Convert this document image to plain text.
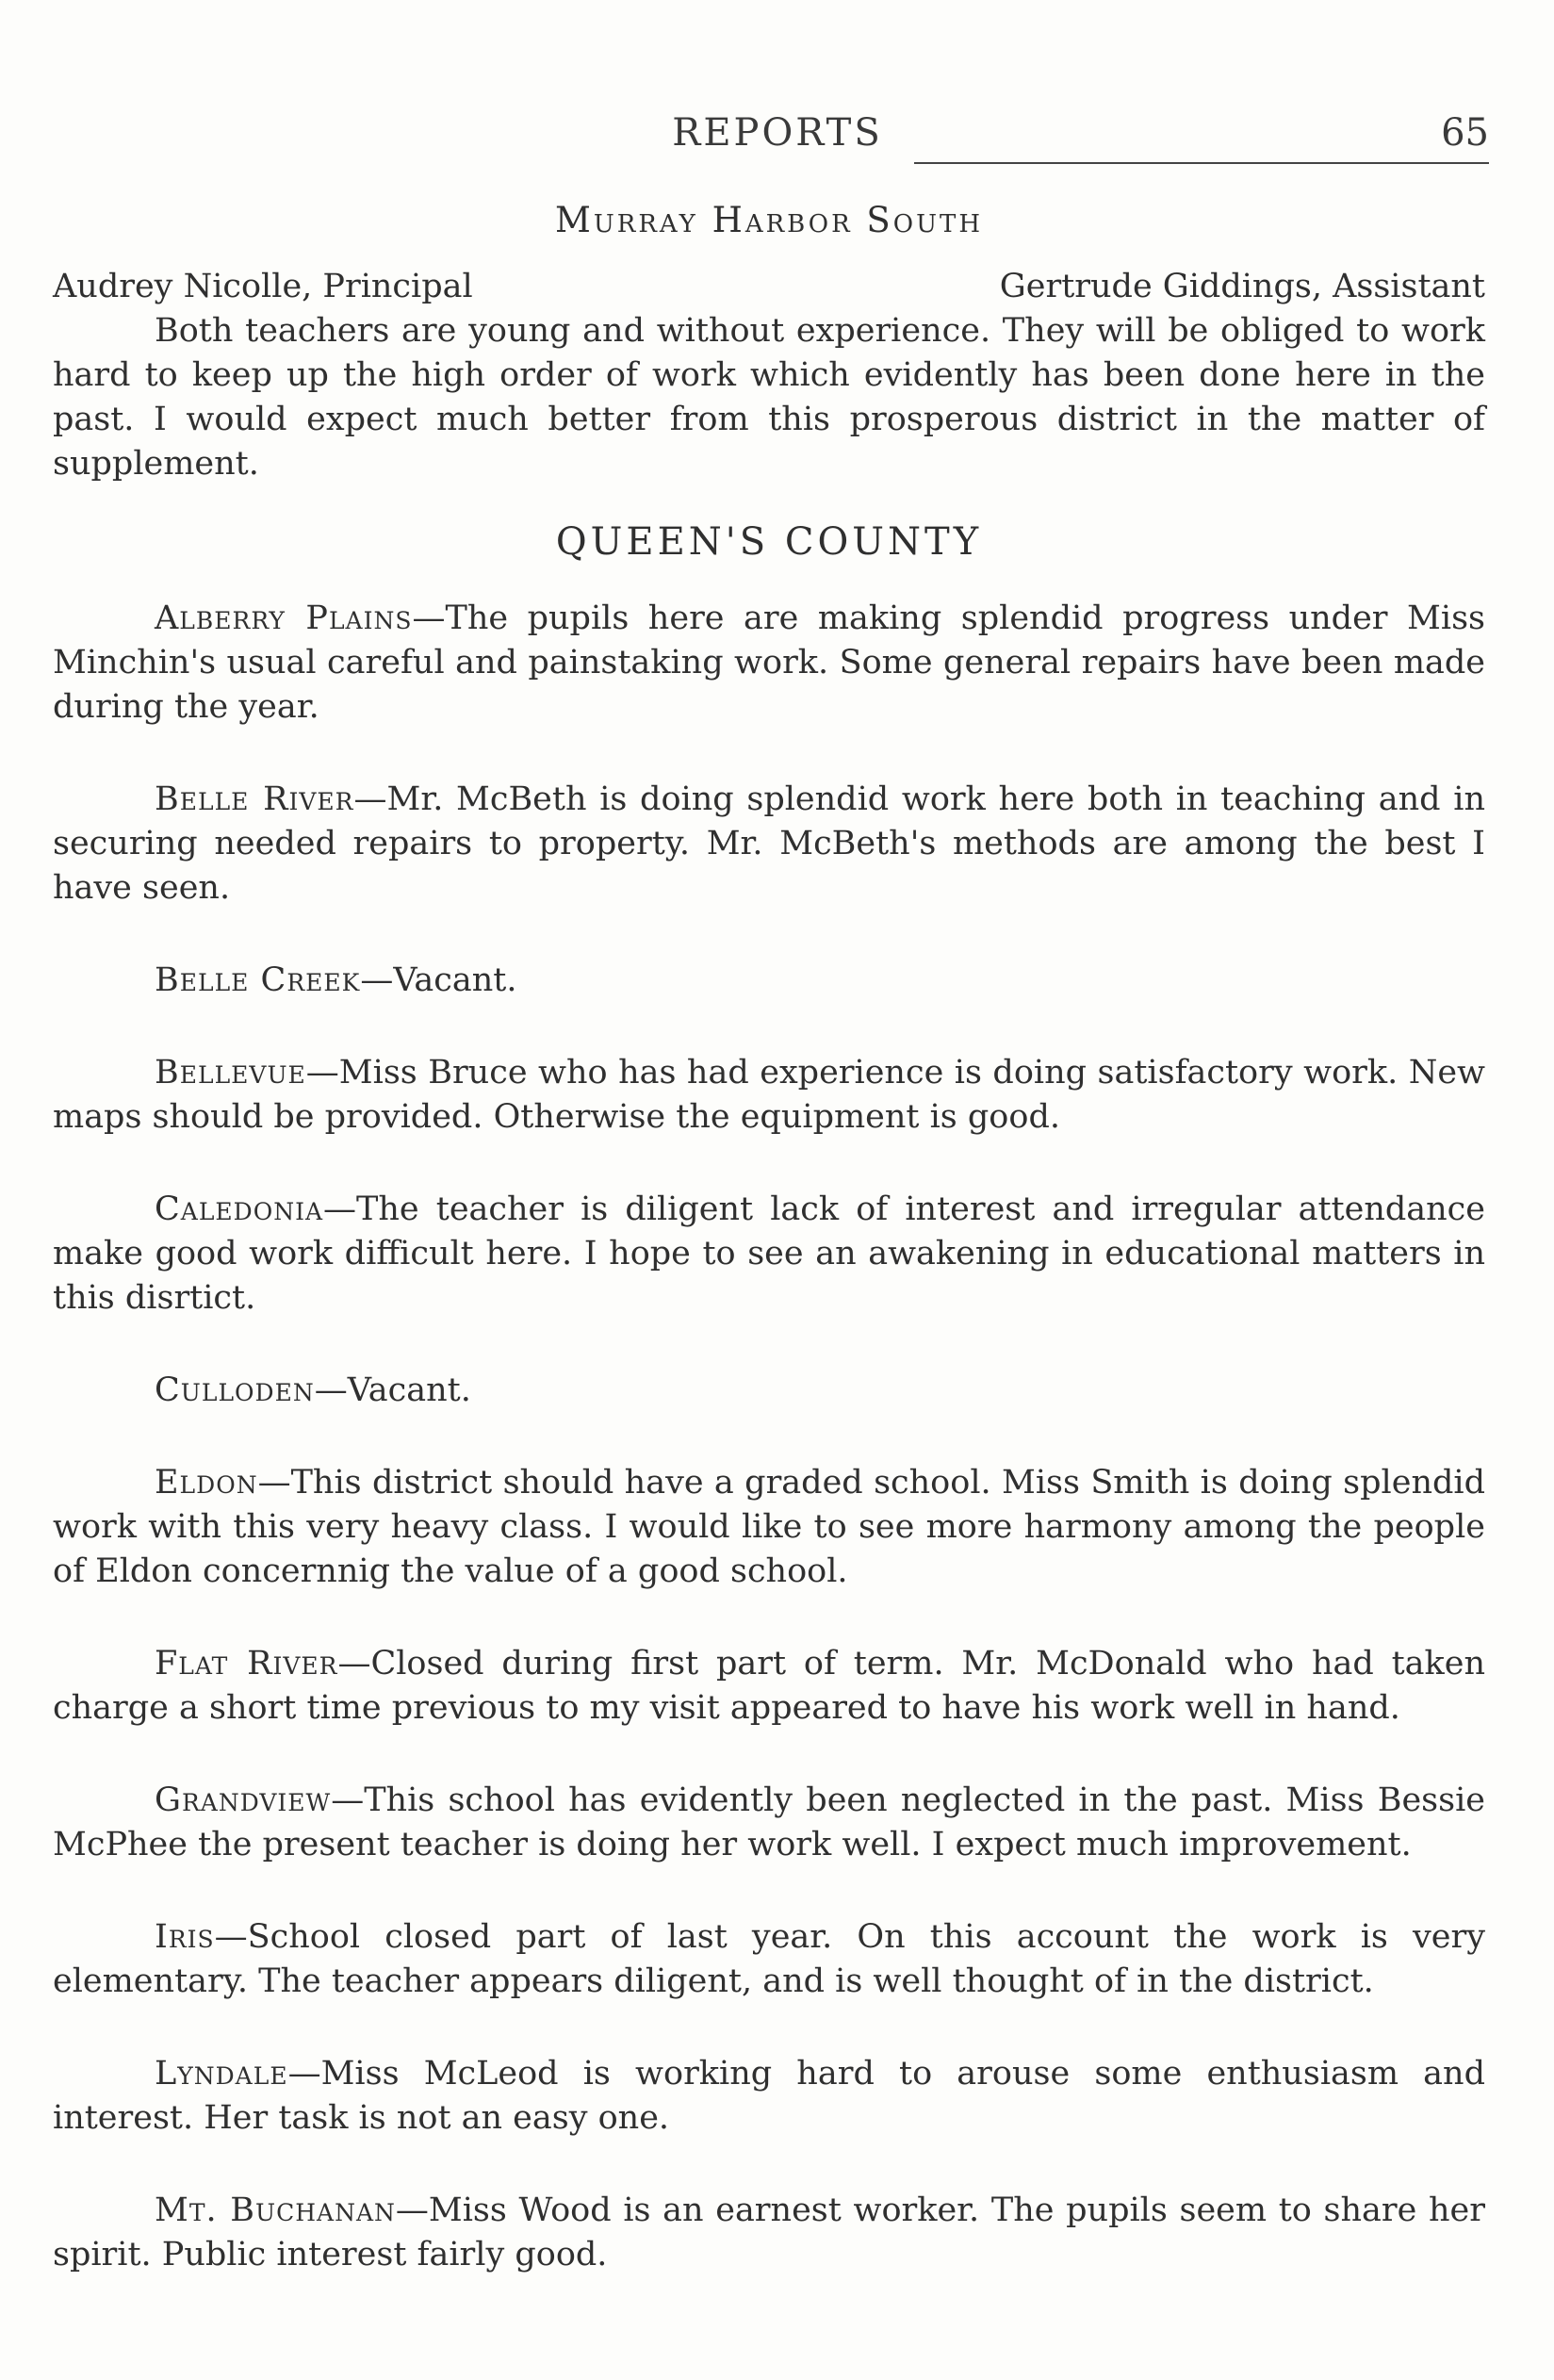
REPORTS	65
Murray Harbor South
Audrey Nicolle, Principal	Gertrude Giddings, Assistant

Both teachers are young and without experience. They will be obliged to work hard to keep up the high order of work which evidently has been done here in the past. I would expect much better from this prosperous district in the matter of supplement.

QUEEN'S COUNTY

Alberry Plains—The pupils here are making splendid progress under Miss Minchin's usual careful and painstaking work. Some general repairs have been made during the year.

Belle River—Mr. McBeth is doing splendid work here both in teaching and in securing needed repairs to property. Mr. McBeth's methods are among the best I have seen.

Belle Creek—Vacant.

Bellevue—Miss Bruce who has had experience is doing satisfactory work. New maps should be provided. Otherwise the equipment is good.

Caledonia—The teacher is diligent lack of interest and irregular attendance make good work difficult here. I hope to see an awakening in educational matters in this disrtict.

Culloden—Vacant.

Eldon—This district should have a graded school. Miss Smith is doing splendid work with this very heavy class. I would like to see more harmony among the people of Eldon concernnig the value of a good school.

Flat River—Closed during first part of term. Mr. McDonald who had taken charge a short time previous to my visit appeared to have his work well in hand.

Grandview—This school has evidently been neglected in the past. Miss Bessie McPhee the present teacher is doing her work well. I expect much improvement.

Iris—School closed part of last year. On this account the work is very elementary. The teacher appears diligent, and is well thought of in the district.

Lyndale—Miss McLeod is working hard to arouse some enthusiasm and interest. Her task is not an easy one.

Mt. Buchanan—Miss Wood is an earnest worker. The pupils seem to share her spirit. Public interest fairly good.
